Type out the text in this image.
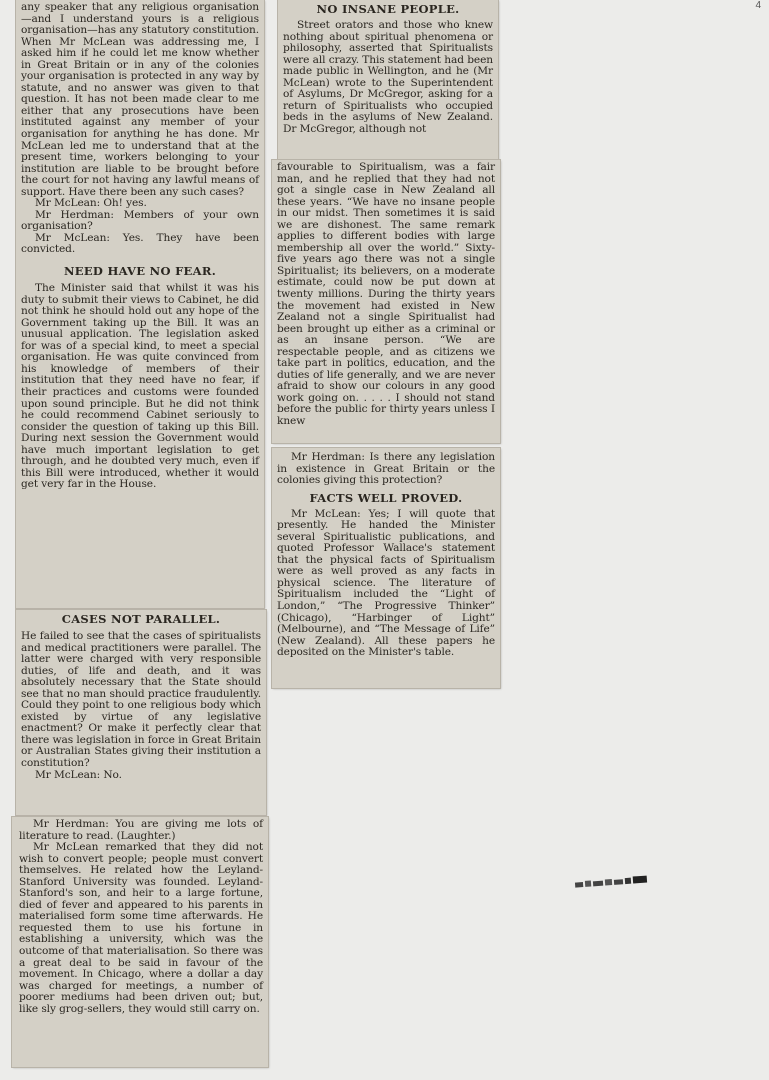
4

any speaker that any religious organisation—and I understand yours is a religious organisation—has any statutory constitution. When Mr McLean was addressing me, I asked him if he could let me know whether in Great Britain or in any of the colonies your organisation is protected in any way by statute, and no answer was given to that question. It has not been made clear to me either that any prosecutions have been instituted against any member of your organisation for anything he has done. Mr McLean led me to understand that at the present time, workers belonging to your institution are liable to be brought before the court for not having any lawful means of support. Have there been any such cases?

Mr McLean: Oh! yes.

Mr Herdman: Members of your own organisation?

Mr McLean: Yes. They have been convicted.

NEED HAVE NO FEAR.

The Minister said that whilst it was his duty to submit their views to Cabinet, he did not think he should hold out any hope of the Government taking up the Bill. It was an unusual application. The legislation asked for was of a special kind, to meet a special organisation. He was quite convinced from his knowledge of members of their institution that they need have no fear, if their practices and customs were founded upon sound principle. But he did not think he could recommend Cabinet seriously to consider the question of taking up this Bill. During next session the Government would have much important legislation to get through, and he doubted very much, even if this Bill were introduced, whether it would get very far in the House.

CASES NOT PARALLEL.

He failed to see that the cases of spiritualists and medical practitioners were parallel. The latter were charged with very responsible duties, of life and death, and it was absolutely necessary that the State should see that no man should practice fraudulently. Could they point to one religious body which existed by virtue of any legislative enactment? Or make it perfectly clear that there was legislation in force in Great Britain or Australian States giving their institution a constitution?

Mr McLean: No.

Mr Herdman: You are giving me lots of literature to read. (Laughter.)

Mr McLean remarked that they did not wish to convert people; people must convert themselves. He related how the Leyland-Stanford University was founded. Leyland-Stanford's son, and heir to a large fortune, died of fever and appeared to his parents in materialised form some time afterwards. He requested them to use his fortune in establishing a university, which was the outcome of that materialisation. So there was a great deal to be said in favour of the movement. In Chicago, where a dollar a day was charged for meetings, a number of poorer mediums had been driven out; but, like sly grog-sellers, they would still carry on.

NO INSANE PEOPLE.

Street orators and those who knew nothing about spiritual phenomena or philosophy, asserted that Spiritualists were all crazy. This statement had been made public in Wellington, and he (Mr McLean) wrote to the Superintendent of Asylums, Dr McGregor, asking for a return of Spiritualists who occupied beds in the asylums of New Zealand. Dr McGregor, although not

favourable to Spiritualism, was a fair man, and he replied that they had not got a single case in New Zealand all these years. “We have no insane people in our midst. Then sometimes it is said we are dishonest. The same remark applies to different bodies with large membership all over the world.” Sixty-five years ago there was not a single Spiritualist; its believers, on a moderate estimate, could now be put down at twenty millions. During the thirty years the movement had existed in New Zealand not a single Spiritualist had been brought up either as a criminal or as an insane person. “We are respectable people, and as citizens we take part in politics, education, and the duties of life generally, and we are never afraid to show our colours in any good work going on. . . . . I should not stand before the public for thirty years unless I knew

Mr Herdman: Is there any legislation in existence in Great Britain or the colonies giving this protection?

FACTS WELL PROVED.

Mr McLean: Yes; I will quote that presently. He handed the Minister several Spiritualistic publications, and quoted Professor Wallace's statement that the physical facts of Spiritualism were as well proved as any facts in physical science. The literature of Spiritualism included the “Light of London,” “The Progressive Thinker” (Chicago), “Harbinger of Light” (Melbourne), and “The Message of Life” (New Zealand). All these papers he deposited on the Minister's table.
